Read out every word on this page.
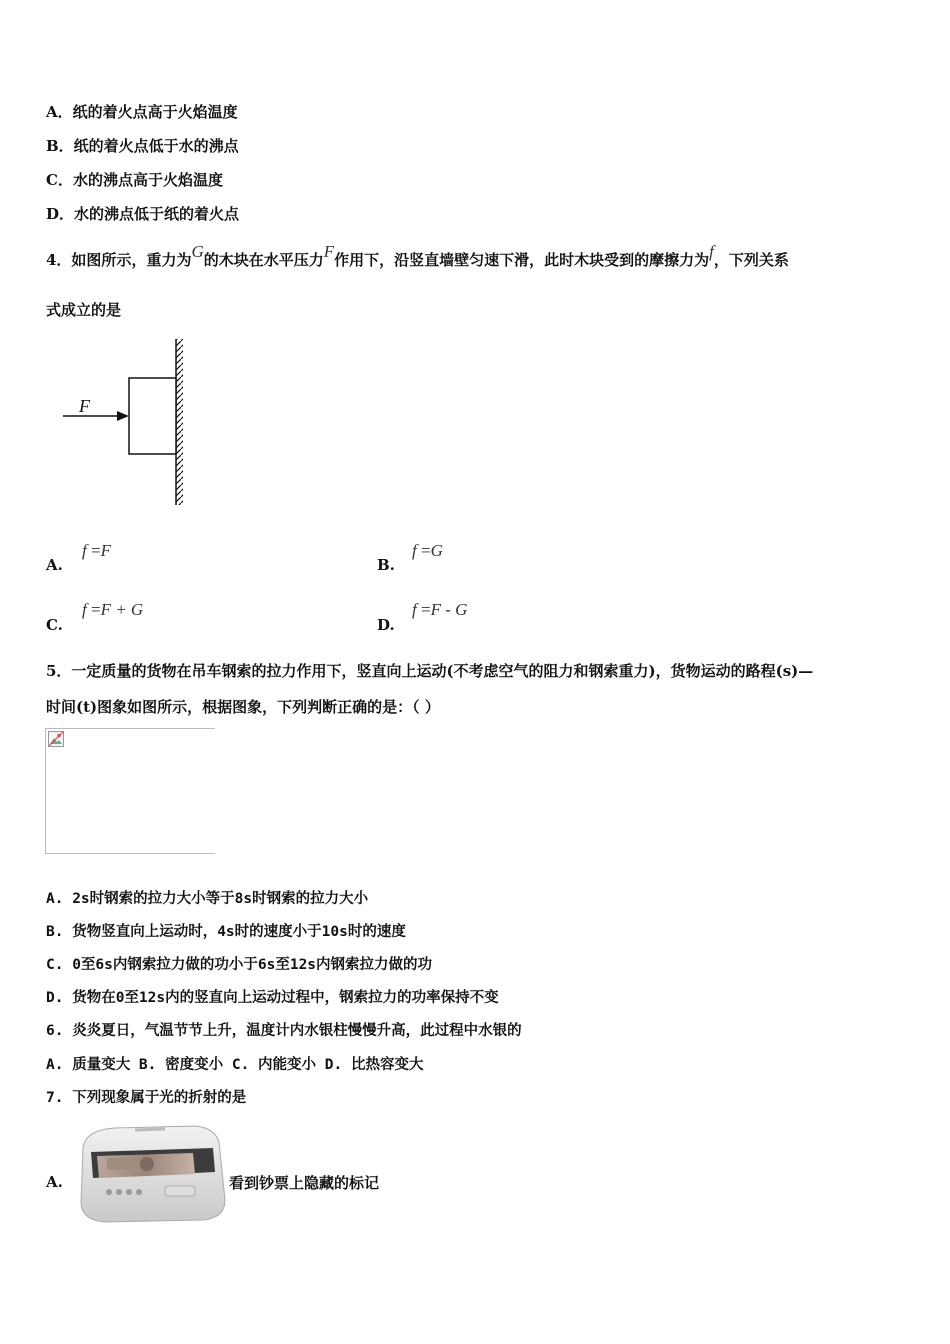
A．纸的着火点高于火焰温度
B．纸的着火点低于水的沸点
C．水的沸点高于火焰温度
D．水的沸点低于纸的着火点
4．如图所示，重力为G的木块在水平压力F作用下，沿竖直墙壁匀速下滑，此时木块受到的摩擦力为f，下列关系
式成立的是
F
A.
f =F
B.
f =G
C.
f =F + G
D.
f =F - G
5．一定质量的货物在吊车钢索的拉力作用下，竖直向上运动(不考虑空气的阻力和钢索重力)，货物运动的路程(s)—
时间(t)图象如图所示，根据图象，下列判断正确的是：（ ）
A. 2s时钢索的拉力大小等于8s时钢索的拉力大小
B. 货物竖直向上运动时，4s时的速度小于10s时的速度
C. 0至6s内钢索拉力做的功小于6s至12s内钢索拉力做的功
D. 货物在0至12s内的竖直向上运动过程中，钢索拉力的功率保持不变
6. 炎炎夏日，气温节节上升，温度计内水银柱慢慢升高，此过程中水银的
A. 质量变大 B. 密度变小 C. 内能变小 D. 比热容变大
7. 下列现象属于光的折射的是
A.	看到钞票上隐藏的标记
